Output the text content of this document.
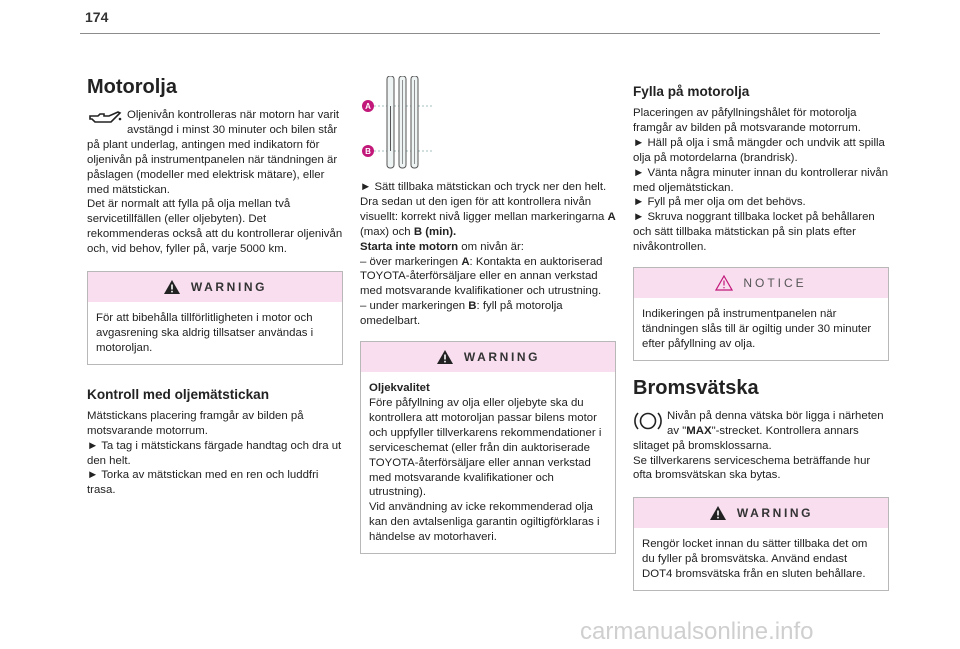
174
Motorolja

Oljenivån kontrolleras när motorn har varit avstängd i minst 30 minuter och bilen står på plant underlag, antingen med indikatorn för oljenivån på instrumentpanelen när tändningen är påslagen (modeller med elektrisk mätare), eller med mätstickan.

Det är normalt att fylla på olja mellan två servicetillfällen (eller oljebyten). Det rekommenderas också att du kontrollerar oljenivån och, vid behov, fyller på, varje 5000 km.

WARNING

För att bibehålla tillförlitligheten i motor och avgasrening ska aldrig tillsatser användas i motoroljan.

Kontroll med oljemätstickan

Mätstickans placering framgår av bilden på motsvarande motorrum.

► Ta tag i mätstickans färgade handtag och dra ut den helt.

► Torka av mätstickan med en ren och luddfri trasa.

A
B

► Sätt tillbaka mätstickan och tryck ner den helt. Dra sedan ut den igen för att kontrollera nivån visuellt: korrekt nivå ligger mellan markeringarna A (max) och B (min).

Starta inte motorn om nivån är:

– över markeringen A: Kontakta en auktoriserad TOYOTA-återförsäljare eller en annan verkstad med motsvarande kvalifikationer och utrustning.

– under markeringen B: fyll på motorolja omedelbart.

WARNING

Oljekvalitet

Före påfyllning av olja eller oljebyte ska du kontrollera att motoroljan passar bilens motor och uppfyller tillverkarens rekommendationer i serviceschemat (eller från din auktoriserade TOYOTA-återförsäljare eller annan verkstad med motsvarande kvalifikationer och utrustning).

Vid användning av icke rekommenderad olja kan den avtalsenliga garantin ogiltigförklaras i händelse av motorhaveri.

Fylla på motorolja

Placeringen av påfyllningshålet för motorolja framgår av bilden på motsvarande motorrum.

► Häll på olja i små mängder och undvik att spilla olja på motordelarna (brandrisk).

► Vänta några minuter innan du kontrollerar nivån med oljemätstickan.

► Fyll på mer olja om det behövs.

► Skruva noggrant tillbaka locket på behållaren och sätt tillbaka mätstickan på sin plats efter nivåkontrollen.

NOTICE

Indikeringen på instrumentpanelen när tändningen slås till är ogiltig under 30 minuter efter påfyllning av olja.

Bromsvätska

Nivån på denna vätska bör ligga i närheten av "MAX"-strecket. Kontrollera annars slitaget på bromsklossarna.

Se tillverkarens serviceschema beträffande hur ofta bromsvätskan ska bytas.

WARNING

Rengör locket innan du sätter tillbaka det om du fyller på bromsvätska. Använd endast DOT4 bromsvätska från en sluten behållare.

carmanualsonline.info
